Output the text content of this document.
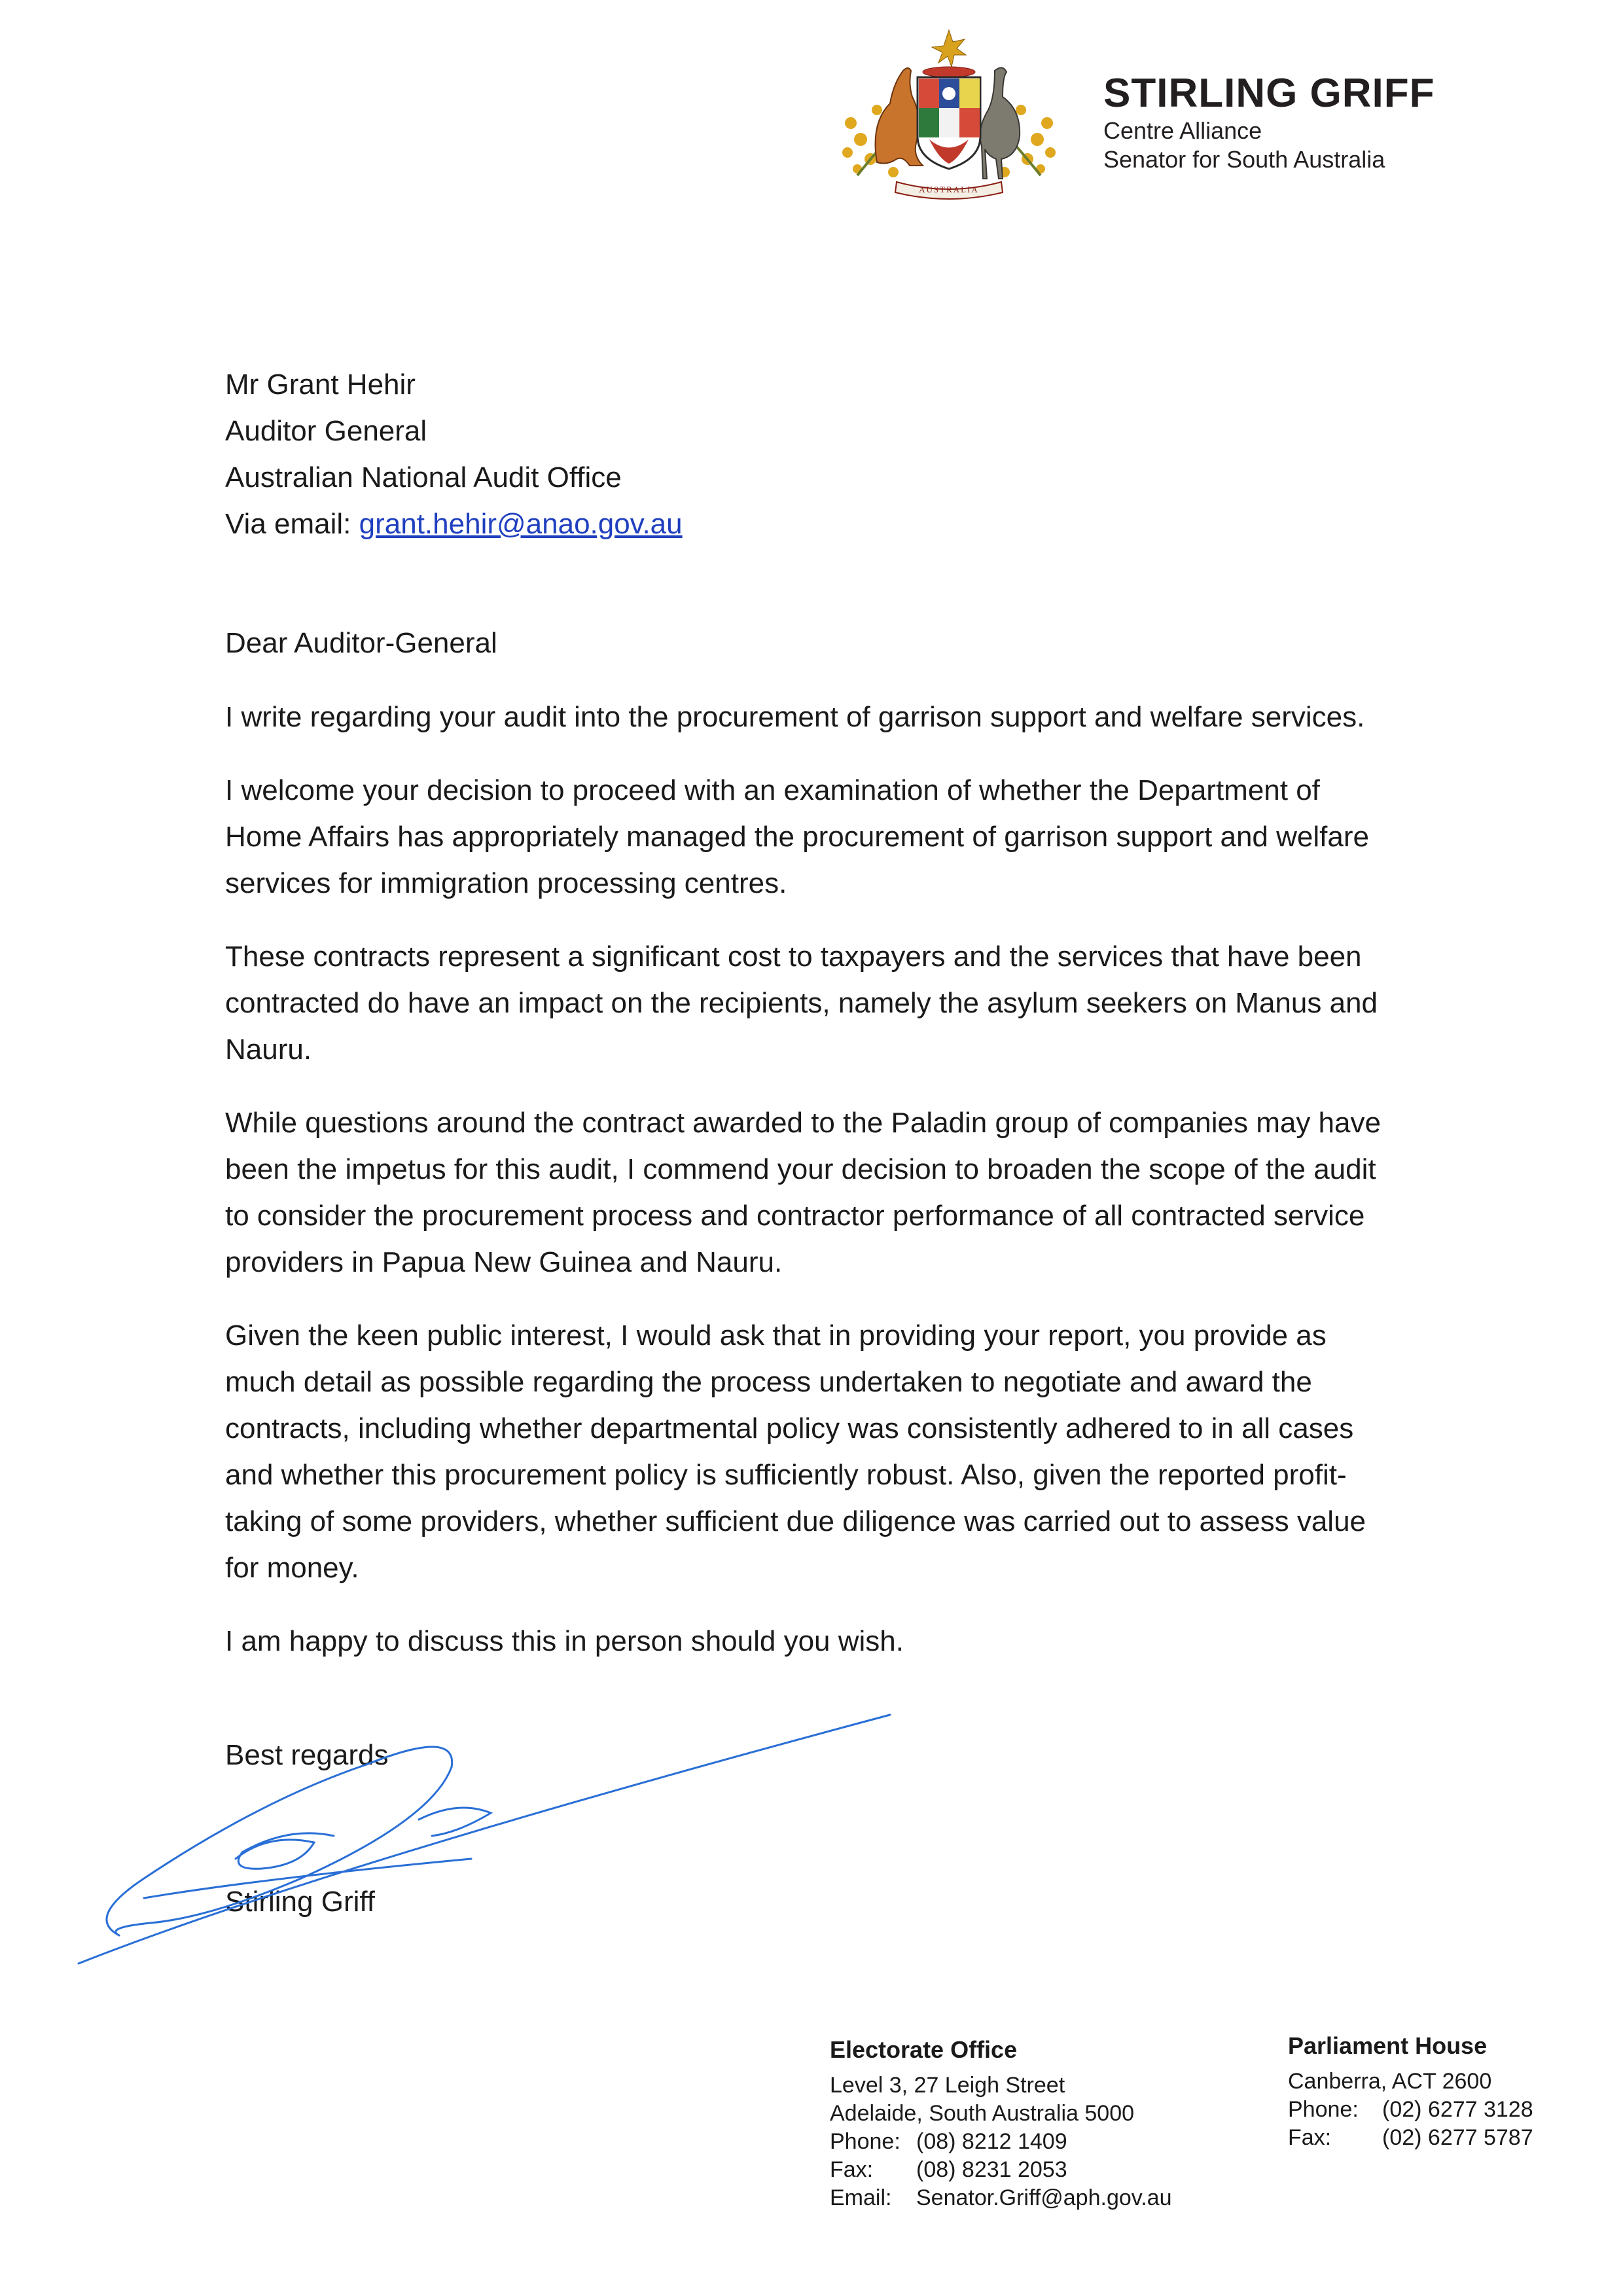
AUSTRALIA
STIRLING GRIFF
Centre Alliance
Senator for South Australia
Mr Grant Hehir
Auditor General
Australian National Audit Office
Via email: grant.hehir@anao.gov.au

Dear Auditor-General

I write regarding your audit into the procurement of garrison support and welfare services.

I welcome your decision to proceed with an examination of whether the Department of Home Affairs has appropriately managed the procurement of garrison support and welfare services for immigration processing centres.

These contracts represent a significant cost to taxpayers and the services that have been contracted do have an impact on the recipients, namely the asylum seekers on Manus and Nauru.

While questions around the contract awarded to the Paladin group of companies may have been the impetus for this audit, I commend your decision to broaden the scope of the audit to consider the procurement process and contractor performance of all contracted service providers in Papua New Guinea and Nauru.

Given the keen public interest, I would ask that in providing your report, you provide as much detail as possible regarding the process undertaken to negotiate and award the contracts, including whether departmental policy was consistently adhered to in all cases and whether this procurement policy is sufficiently robust. Also, given the reported profit-taking of some providers, whether sufficient due diligence was carried out to assess value for money.

I am happy to discuss this in person should you wish.

Best regards
Stirling Griff
Electorate Office
Level 3, 27 Leigh Street
Adelaide, South Australia 5000
Phone: (08) 8212 1409
Fax:	(08) 8231 2053
Email:	Senator.Griff@aph.gov.au
Parliament House
Canberra, ACT 2600
Phone:	(02) 6277 3128
Fax:	(02) 6277 5787
